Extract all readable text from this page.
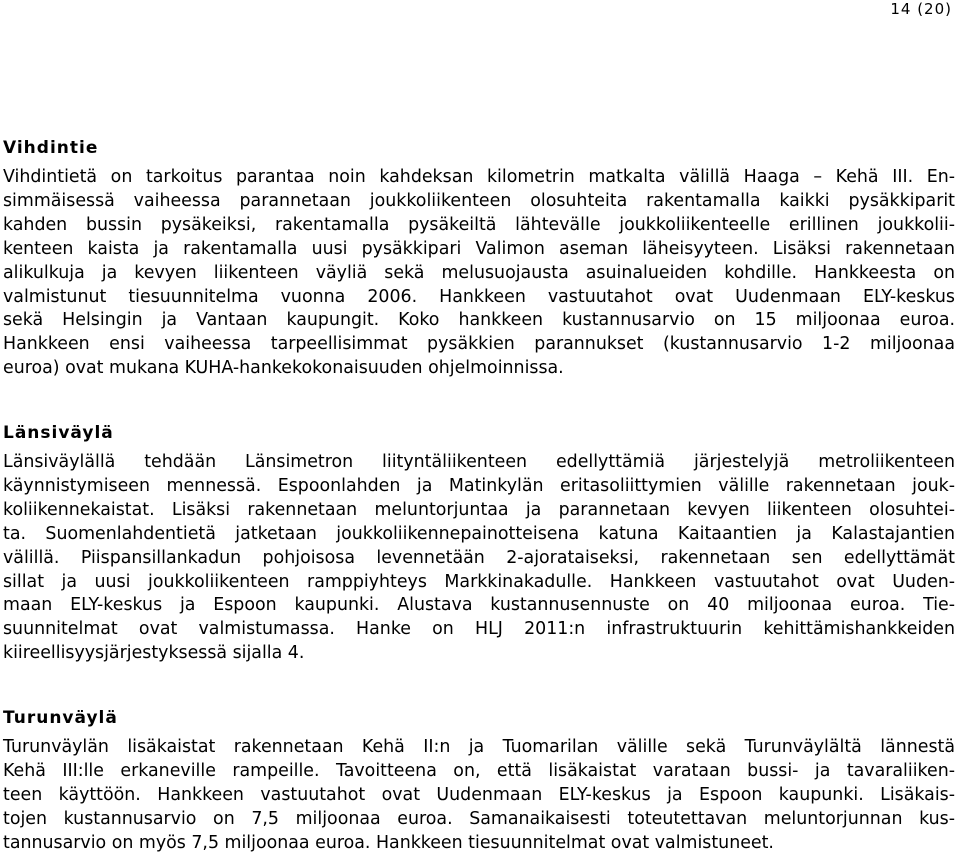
14 (20)
Vihdintie
Vihdintietä on tarkoitus parantaa noin kahdeksan kilometrin matkalta välillä Haaga – Kehä III. En-
simmäisessä vaiheessa parannetaan joukkoliikenteen olosuhteita rakentamalla kaikki pysäkkiparit
kahden bussin pysäkeiksi, rakentamalla pysäkeiltä lähtevälle joukkoliikenteelle erillinen joukkolii-
kenteen kaista ja rakentamalla uusi pysäkkipari Valimon aseman läheisyyteen. Lisäksi rakennetaan
alikulkuja ja kevyen liikenteen väyliä sekä melusuojausta asuinalueiden kohdille. Hankkeesta on
valmistunut tiesuunnitelma vuonna 2006. Hankkeen vastuutahot ovat Uudenmaan ELY-keskus
sekä Helsingin ja Vantaan kaupungit. Koko hankkeen kustannusarvio on 15 miljoonaa euroa.
Hankkeen ensi vaiheessa tarpeellisimmat pysäkkien parannukset (kustannusarvio 1-2 miljoonaa
euroa) ovat mukana KUHA-hankekokonaisuuden ohjelmoinnissa.
Länsiväylä
Länsiväylällä tehdään Länsimetron liityntäliikenteen edellyttämiä järjestelyjä metroliikenteen
käynnistymiseen mennessä. Espoonlahden ja Matinkylän eritasoliittymien välille rakennetaan jouk-
koliikennekaistat. Lisäksi rakennetaan meluntorjuntaa ja parannetaan kevyen liikenteen olosuhtei-
ta. Suomenlahdentietä jatketaan joukkoliikennepainotteisena katuna Kaitaantien ja Kalastajantien
välillä. Piispansillankadun pohjoisosa levennetään 2-ajorataiseksi, rakennetaan sen edellyttämät
sillat ja uusi joukkoliikenteen ramppiyhteys Markkinakadulle. Hankkeen vastuutahot ovat Uuden-
maan ELY-keskus ja Espoon kaupunki. Alustava kustannusennuste on 40 miljoonaa euroa. Tie-
suunnitelmat ovat valmistumassa. Hanke on HLJ 2011:n infrastruktuurin kehittämishankkeiden
kiireellisyysjärjestyksessä sijalla 4.
Turunväylä
Turunväylän lisäkaistat rakennetaan Kehä II:n ja Tuomarilan välille sekä Turunväylältä lännestä
Kehä III:lle erkaneville rampeille. Tavoitteena on, että lisäkaistat varataan bussi- ja tavaraliiken-
teen käyttöön. Hankkeen vastuutahot ovat Uudenmaan ELY-keskus ja Espoon kaupunki. Lisäkais-
tojen kustannusarvio on 7,5 miljoonaa euroa. Samanaikaisesti toteutettavan meluntorjunnan kus-
tannusarvio on myös 7,5 miljoonaa euroa. Hankkeen tiesuunnitelmat ovat valmistuneet.
